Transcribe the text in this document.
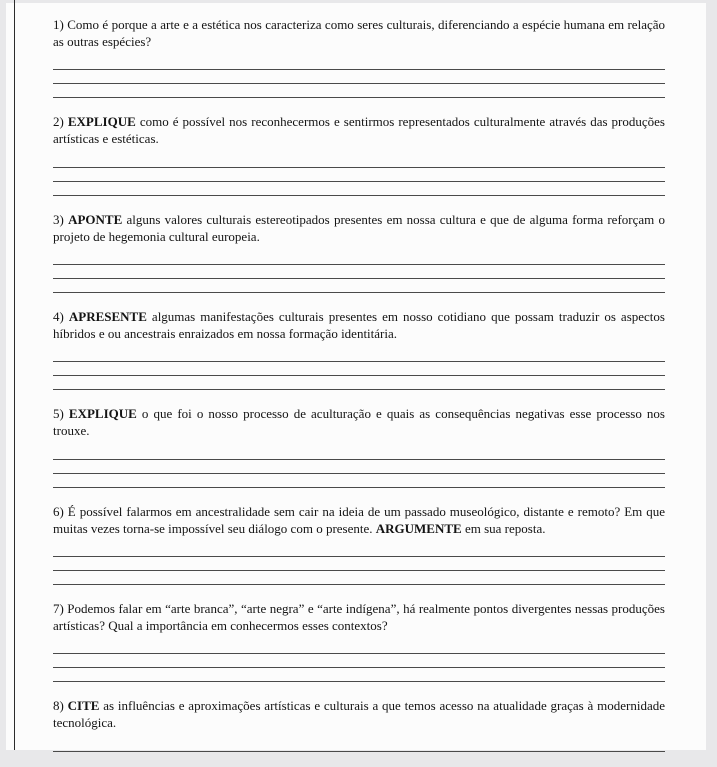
1) Como é porque a arte e a estética nos caracteriza como seres culturais, diferenciando a espécie humana em relação as outras espécies?

2) EXPLIQUE como é possível nos reconhecermos e sentirmos representados culturalmente através das produções artísticas e estéticas.

3) APONTE alguns valores culturais estereotipados presentes em nossa cultura e que de alguma forma reforçam o projeto de hegemonia cultural europeia.

4) APRESENTE algumas manifestações culturais presentes em nosso cotidiano que possam traduzir os aspectos híbridos e ou ancestrais enraizados em nossa formação identitária.

5) EXPLIQUE o que foi o nosso processo de aculturação e quais as consequências negativas esse processo nos trouxe.

6) É possível falarmos em ancestralidade sem cair na ideia de um passado museológico, distante e remoto? Em que muitas vezes torna-se impossível seu diálogo com o presente. ARGUMENTE em sua reposta.

7) Podemos falar em “arte branca”, “arte negra” e “arte indígena”, há realmente pontos divergentes nessas produções artísticas? Qual a importância em conhecermos esses contextos?

8) CITE as influências e aproximações artísticas e culturais a que temos acesso na atualidade graças à modernidade tecnológica.
